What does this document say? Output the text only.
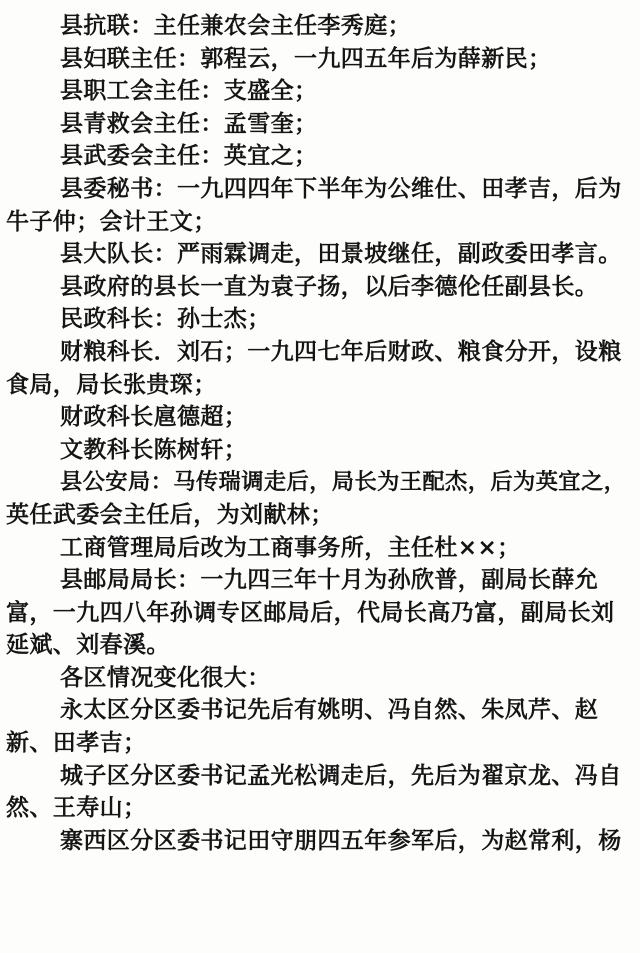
县抗联：主任兼农会主任李秀庭；
县妇联主任：郭程云，一九四五年后为薛新民；
县职工会主任：支盛全；
县青救会主任：孟雪奎；
县武委会主任：英宜之；
县委秘书：一九四四年下半年为公维仕、田孝吉，后为
牛子仲；会计王文；
县大队长：严雨霖调走，田景坡继任，副政委田孝言。
县政府的县长一直为袁子扬，以后李德伦任副县长。
民政科长：孙士杰；
财粮科长．刘石；一九四七年后财政、粮食分开，设粮
食局，局长张贵琛；
财政科长扈德超；
文教科长陈树轩；
县公安局：马传瑞调走后，局长为王配杰，后为英宜之，
英任武委会主任后，为刘献林；
工商管理局后改为工商事务所，主任杜××；
县邮局局长：一九四三年十月为孙欣普，副局长薛允
富，一九四八年孙调专区邮局后，代局长高乃富，副局长刘
延斌、刘春溪。
各区情况变化很大：
永太区分区委书记先后有姚明、冯自然、朱凤芹、赵
新、田孝吉；
城子区分区委书记孟光松调走后，先后为翟京龙、冯自
然、王寿山；
寨西区分区委书记田守朋四五年参军后，为赵常利，杨
